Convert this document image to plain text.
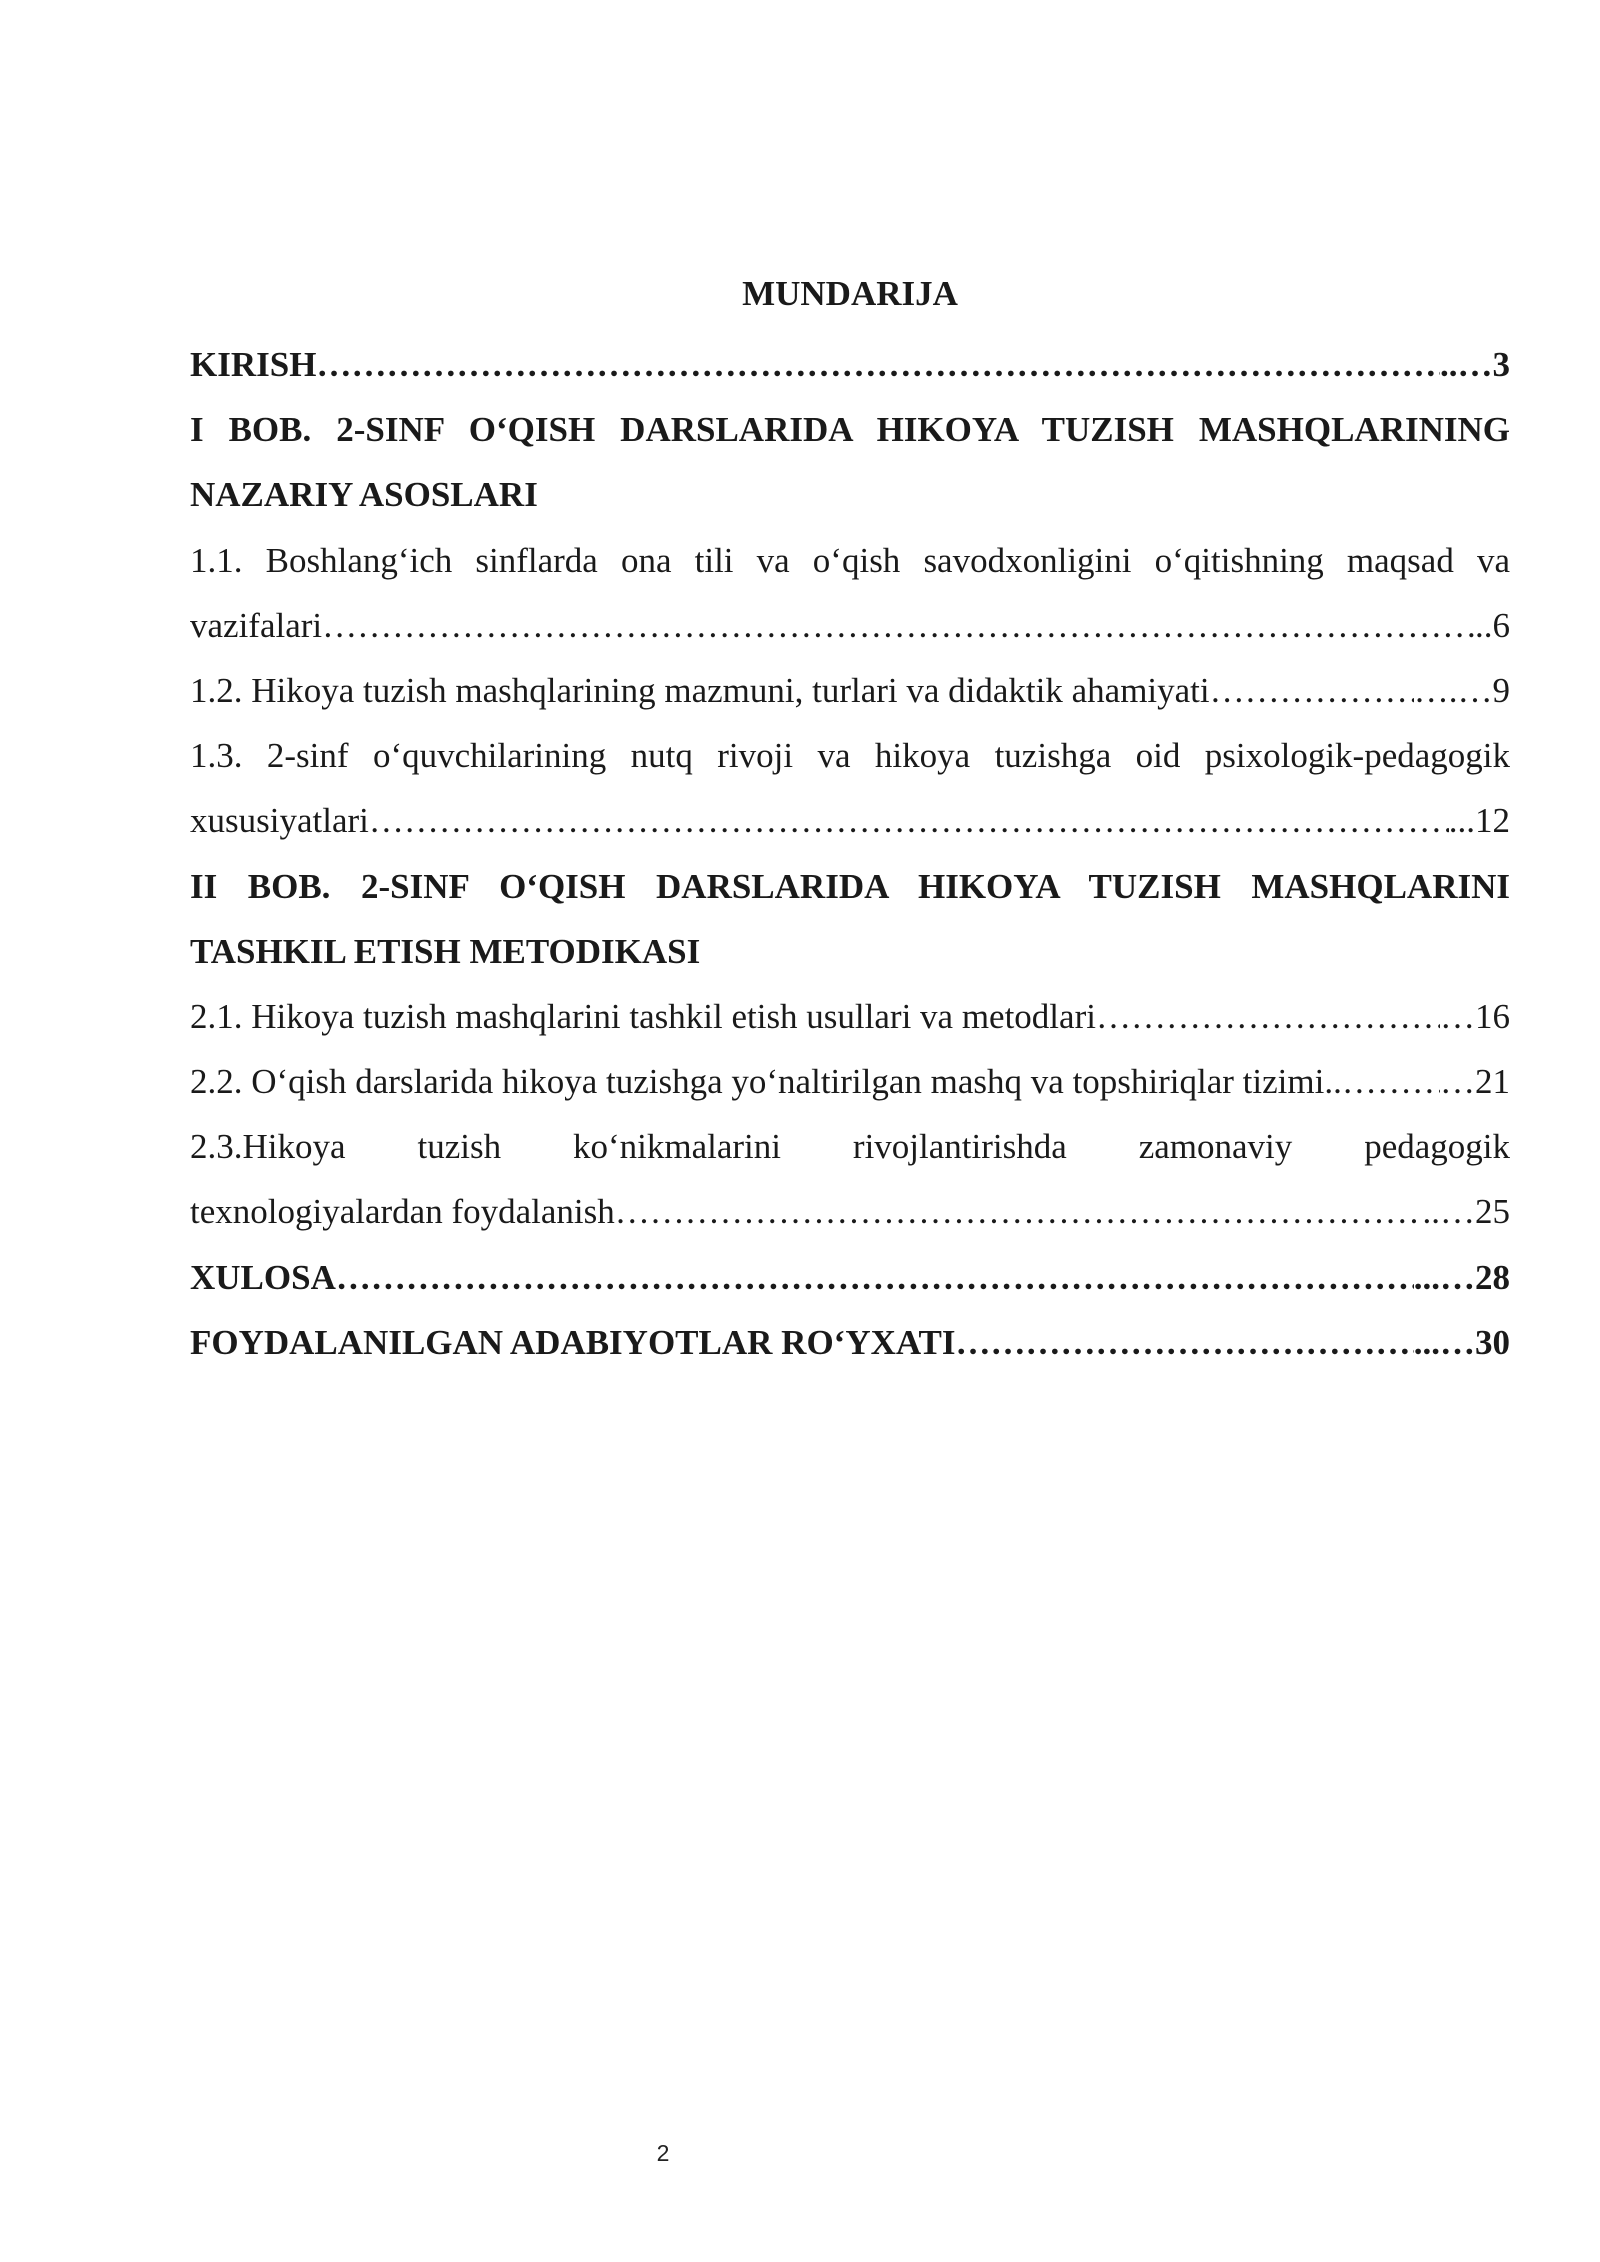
MUNDARIJA
KIRISH ……………………………………………………………………………………………………………………………………………………………………………………………………	..…3
I BOB. 2-SINF O‘QISH DARSLARIDA HIKOYA TUZISH MASHQLARINING
NAZARIY ASOSLARI
1.1. Boshlang‘ich sinflarda ona tili va o‘qish savodxonligini o‘qitishning maqsad va
vazifalari ……………………………………………………………………………………………………………………………………………………………………………………………………	..6
1.2. Hikoya tuzish mashqlarining mazmuni, turlari va didaktik ahamiyati ……………………………………………………………………………………………………………………………………………………………………………………………………	….…9
1.3. 2-sinf o‘quvchilarining nutq rivoji va hikoya tuzishga oid psixologik-pedagogik
xususiyatlari ……………………………………………………………………………………………………………………………………………………………………………………………………	...12
II BOB. 2-SINF O‘QISH DARSLARIDA HIKOYA TUZISH MASHQLARINI
TASHKIL ETISH METODIKASI
2.1. Hikoya tuzish mashqlarini tashkil etish usullari va metodlari ……………………………………………………………………………………………………………………………………………………………………………………………………	…16
2.2. O‘qish darslarida hikoya tuzishga yo‘naltirilgan mashq va topshiriqlar tizimi.. ……………………………………………………………………………………………………………………………………………………………………………………………………	…21
2.3.Hikoya tuzish ko‘nikmalarini rivojlantirishda zamonaviy pedagogik
texnologiyalardan foydalanish ……………………………………………………………………………………………………………………………………………………………………………………………………	..…25
XULOSA ……………………………………………………………………………………………………………………………………………………………………………………………………	...…28
FOYDALANILGAN ADABIYOTLAR RO‘YXATI ……………………………………………………………………………………………………………………………………………………………………………………………………	...…30
2
